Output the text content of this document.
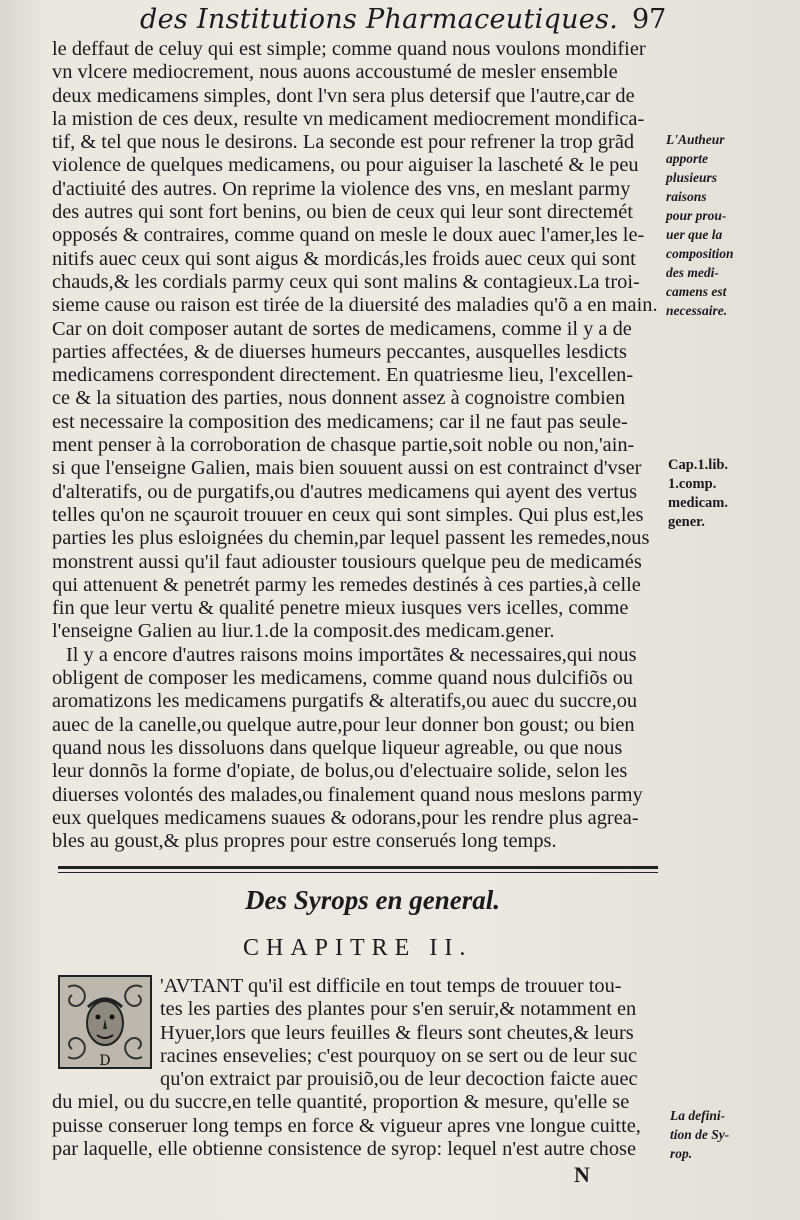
des Institutions Pharmaceutiques. 97
le deffaut de celuy qui est simple; comme quand nous voulons mondifier
vn vlcere mediocrement, nous auons accoustumé de mesler ensemble
deux medicamens simples, dont l'vn sera plus detersif que l'autre,car de
la mistion de ces deux, resulte vn medicament mediocrement mondifica-
tif, & tel que nous le desirons. La seconde est pour refrener la trop grãd
violence de quelques medicamens, ou pour aiguiser la lascheté & le peu
d'actiuité des autres. On reprime la violence des vns, en meslant parmy
des autres qui sont fort benins, ou bien de ceux qui leur sont directemét
opposés & contraires, comme quand on mesle le doux auec l'amer,les le-
nitifs auec ceux qui sont aigus & mordicás,les froids auec ceux qui sont
chauds,& les cordials parmy ceux qui sont malins & contagieux.La troi-
sieme cause ou raison est tirée de la diuersité des maladies qu'õ a en main.
Car on doit composer autant de sortes de medicamens, comme il y a de
parties affectées, & de diuerses humeurs peccantes, ausquelles lesdicts
medicamens correspondent directement. En quatriesme lieu, l'excellen-
ce & la situation des parties, nous donnent assez à cognoistre combien
est necessaire la composition des medicamens; car il ne faut pas seule-
ment penser à la corroboration de chasque partie,soit noble ou non,'ain-
si que l'enseigne Galien, mais bien souuent aussi on est contrainct d'vser
d'alteratifs, ou de purgatifs,ou d'autres medicamens qui ayent des vertus
telles qu'on ne sçauroit trouuer en ceux qui sont simples. Qui plus est,les
parties les plus esloignées du chemin,par lequel passent les remedes,nous
monstrent aussi qu'il faut adiouster tousiours quelque peu de medicamés
qui attenuent & penetrét parmy les remedes destinés à ces parties,à celle
fin que leur vertu & qualité penetre mieux iusques vers icelles, comme
l'enseigne Galien au liur.1.de la composit.des medicam.gener.
Il y a encore d'autres raisons moins importãtes & necessaires,qui nous
obligent de composer les medicamens, comme quand nous dulcifiõs ou
aromatizons les medicamens purgatifs & alteratifs,ou auec du succre,ou
auec de la canelle,ou quelque autre,pour leur donner bon goust; ou bien
quand nous les dissoluons dans quelque liqueur agreable, ou que nous
leur donnõs la forme d'opiate, de bolus,ou d'electuaire solide, selon les
diuerses volontés des malades,ou finalement quand nous meslons parmy
eux quelques medicamens suaues & odorans,pour les rendre plus agrea-
bles au goust,& plus propres pour estre conserués long temps.
L'Autheur
apporte
plusieurs
raisons
pour prou-
uer que la
composition
des medi-
camens est
necessaire.
Cap.1.lib.
1.comp.
medicam.
gener.
La defini-
tion de Sy-
rop.
Des Syrops en general.
CHAPITRE II.
D
'AVTANT qu'il est difficile en tout temps de trouuer tou-
tes les parties des plantes pour s'en seruir,& notamment en
Hyuer,lors que leurs feuilles & fleurs sont cheutes,& leurs
racines ensevelies; c'est pourquoy on se sert ou de leur suc
qu'on extraict par prouisiõ,ou de leur decoction faicte auec
du miel, ou du succre,en telle quantité, proportion & mesure, qu'elle se
puisse conseruer long temps en force & vigueur apres vne longue cuitte,
par laquelle, elle obtienne consistence de syrop: lequel n'est autre chose
N
